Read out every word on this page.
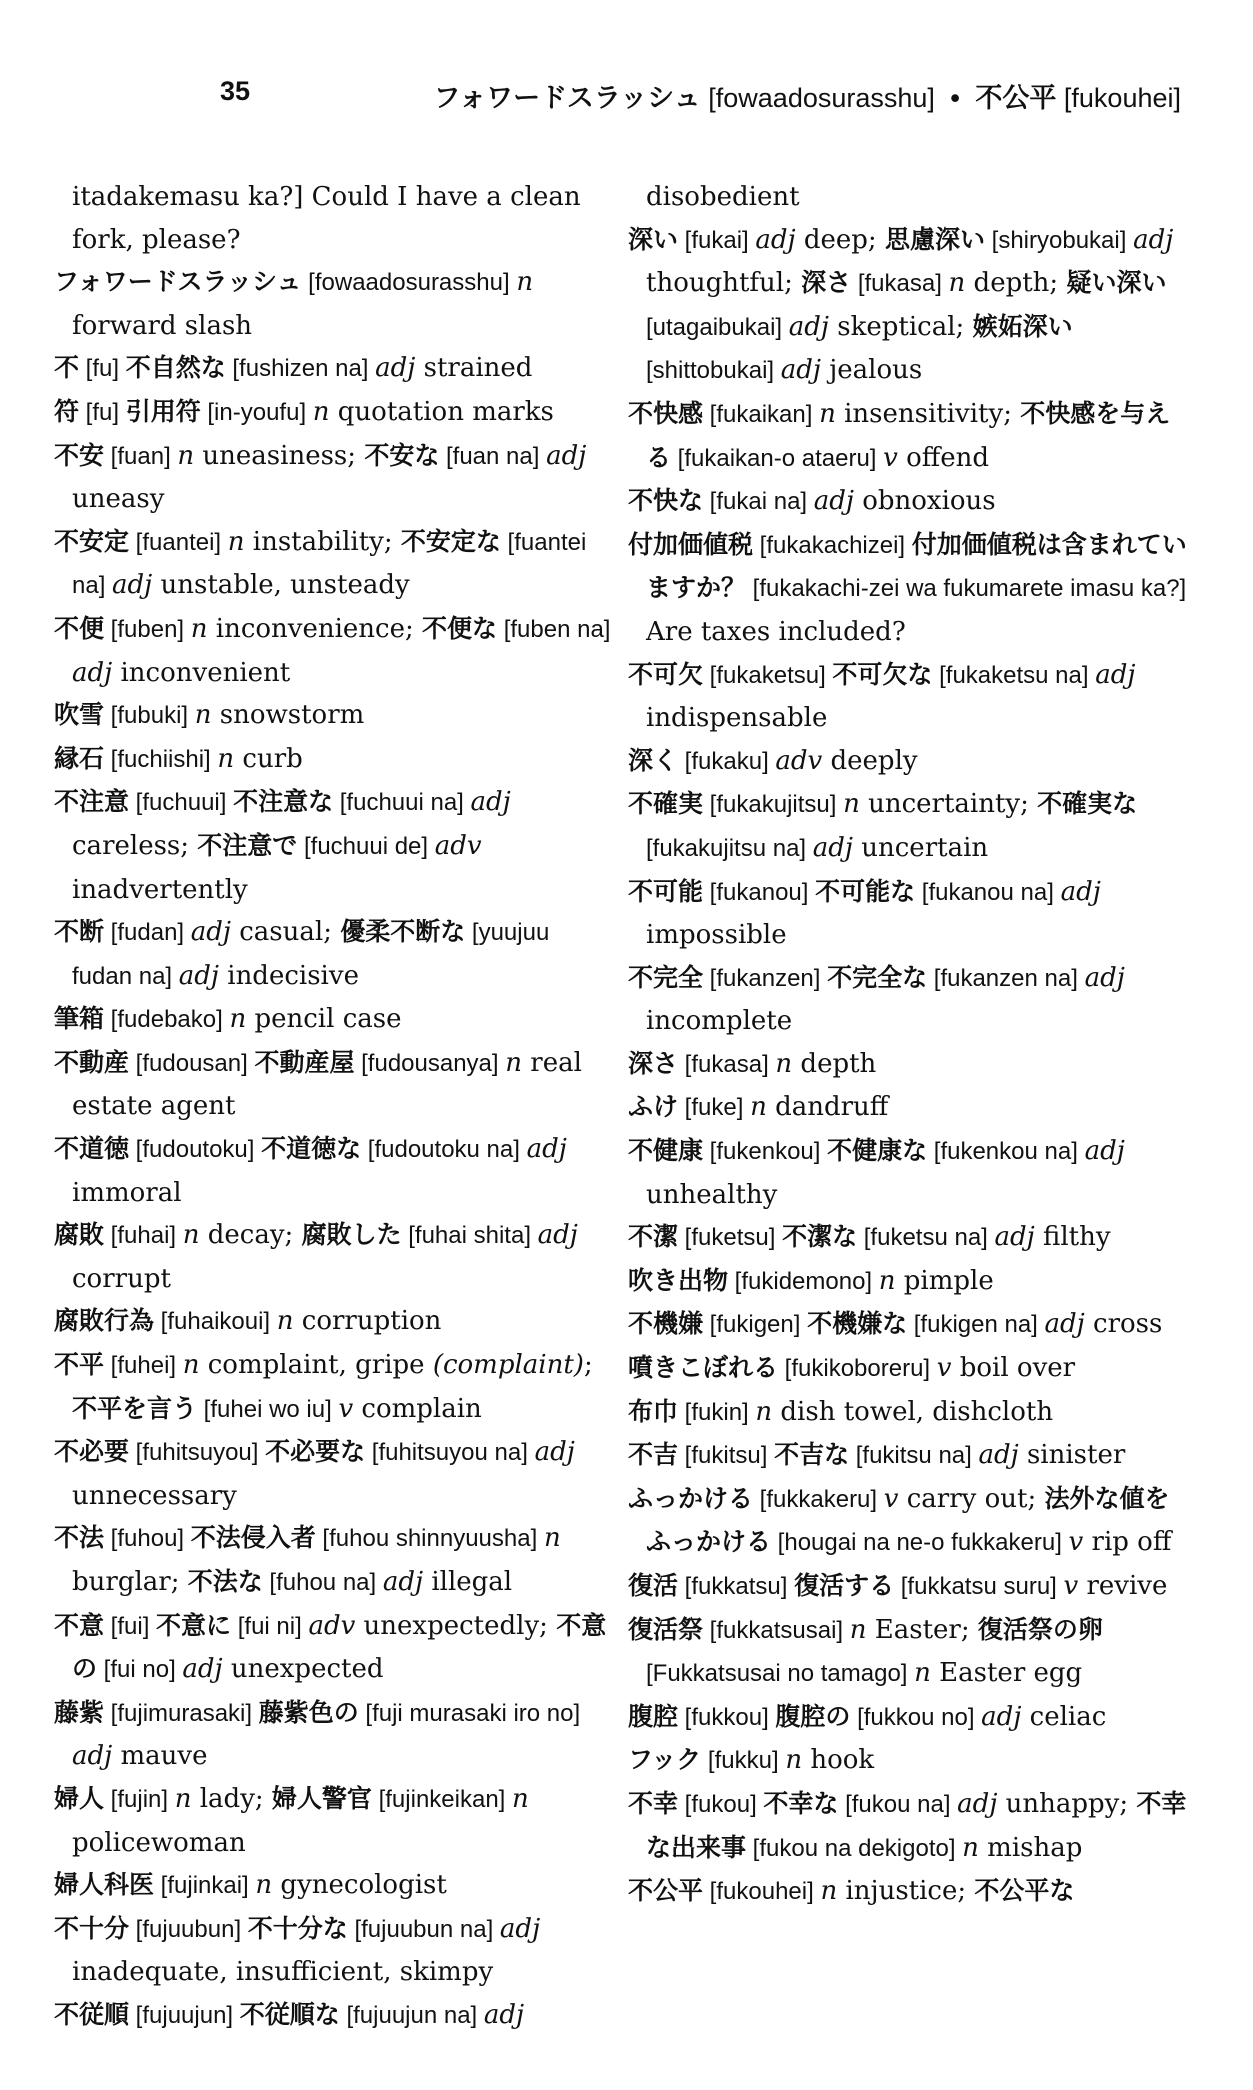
35	フォワードスラッシュ [fowaadosurasshu] • 不公平 [fukouhei]

itadakemasu ka?] Could I have a clean fork, please?

フォワードスラッシュ [fowaadosurasshu] n forward slash

不 [fu] 不自然な [fushizen na] adj strained

符 [fu] 引用符 [in-youfu] n quotation marks

不安 [fuan] n uneasiness; 不安な [fuan na] adj uneasy

不安定 [fuantei] n instability; 不安定な [fuantei na] adj unstable, unsteady

不便 [fuben] n inconvenience; 不便な [fuben na] adj inconvenient

吹雪 [fubuki] n snowstorm

縁石 [fuchiishi] n curb

不注意 [fuchuui] 不注意な [fuchuui na] adj careless; 不注意で [fuchuui de] adv inadvertently

不断 [fudan] adj casual; 優柔不断な [yuujuu fudan na] adj indecisive

筆箱 [fudebako] n pencil case

不動産 [fudousan] 不動産屋 [fudousanya] n real estate agent

不道徳 [fudoutoku] 不道徳な [fudoutoku na] adj immoral

腐敗 [fuhai] n decay; 腐敗した [fuhai shita] adj corrupt

腐敗行為 [fuhaikoui] n corruption

不平 [fuhei] n complaint, gripe (complaint); 不平を言う [fuhei wo iu] v complain

不必要 [fuhitsuyou] 不必要な [fuhitsuyou na] adj unnecessary

不法 [fuhou] 不法侵入者 [fuhou shinnyuusha] n burglar; 不法な [fuhou na] adj illegal

不意 [fui] 不意に [fui ni] adv unexpectedly; 不意の [fui no] adj unexpected

藤紫 [fujimurasaki] 藤紫色の [fuji murasaki iro no] adj mauve

婦人 [fujin] n lady; 婦人警官 [fujinkeikan] n policewoman

婦人科医 [fujinkai] n gynecologist

不十分 [fujuubun] 不十分な [fujuubun na] adj inadequate, insufficient, skimpy

不従順 [fujuujun] 不従順な [fujuujun na] adj

disobedient

深い [fukai] adj deep; 思慮深い [shiryobukai] adj thoughtful; 深さ [fukasa] n depth; 疑い深い [utagaibukai] adj skeptical; 嫉妬深い [shittobukai] adj jealous

不快感 [fukaikan] n insensitivity; 不快感を与える [fukaikan-o ataeru] v offend

不快な [fukai na] adj obnoxious

付加価値税 [fukakachizei] 付加価値税は含まれていますか？ [fukakachi-zei wa fukumarete imasu ka?] Are taxes included?

不可欠 [fukaketsu] 不可欠な [fukaketsu na] adj indispensable

深く [fukaku] adv deeply

不確実 [fukakujitsu] n uncertainty; 不確実な [fukakujitsu na] adj uncertain

不可能 [fukanou] 不可能な [fukanou na] adj impossible

不完全 [fukanzen] 不完全な [fukanzen na] adj incomplete

深さ [fukasa] n depth

ふけ [fuke] n dandruff

不健康 [fukenkou] 不健康な [fukenkou na] adj unhealthy

不潔 [fuketsu] 不潔な [fuketsu na] adj filthy

吹き出物 [fukidemono] n pimple

不機嫌 [fukigen] 不機嫌な [fukigen na] adj cross

噴きこぼれる [fukikoboreru] v boil over

布巾 [fukin] n dish towel, dishcloth

不吉 [fukitsu] 不吉な [fukitsu na] adj sinister

ふっかける [fukkakeru] v carry out; 法外な値をふっかける [hougai na ne-o fukkakeru] v rip off

復活 [fukkatsu] 復活する [fukkatsu suru] v revive

復活祭 [fukkatsusai] n Easter; 復活祭の卵 [Fukkatsusai no tamago] n Easter egg

腹腔 [fukkou] 腹腔の [fukkou no] adj celiac

フック [fukku] n hook

不幸 [fukou] 不幸な [fukou na] adj unhappy; 不幸な出来事 [fukou na dekigoto] n mishap

不公平 [fukouhei] n injustice; 不公平な
